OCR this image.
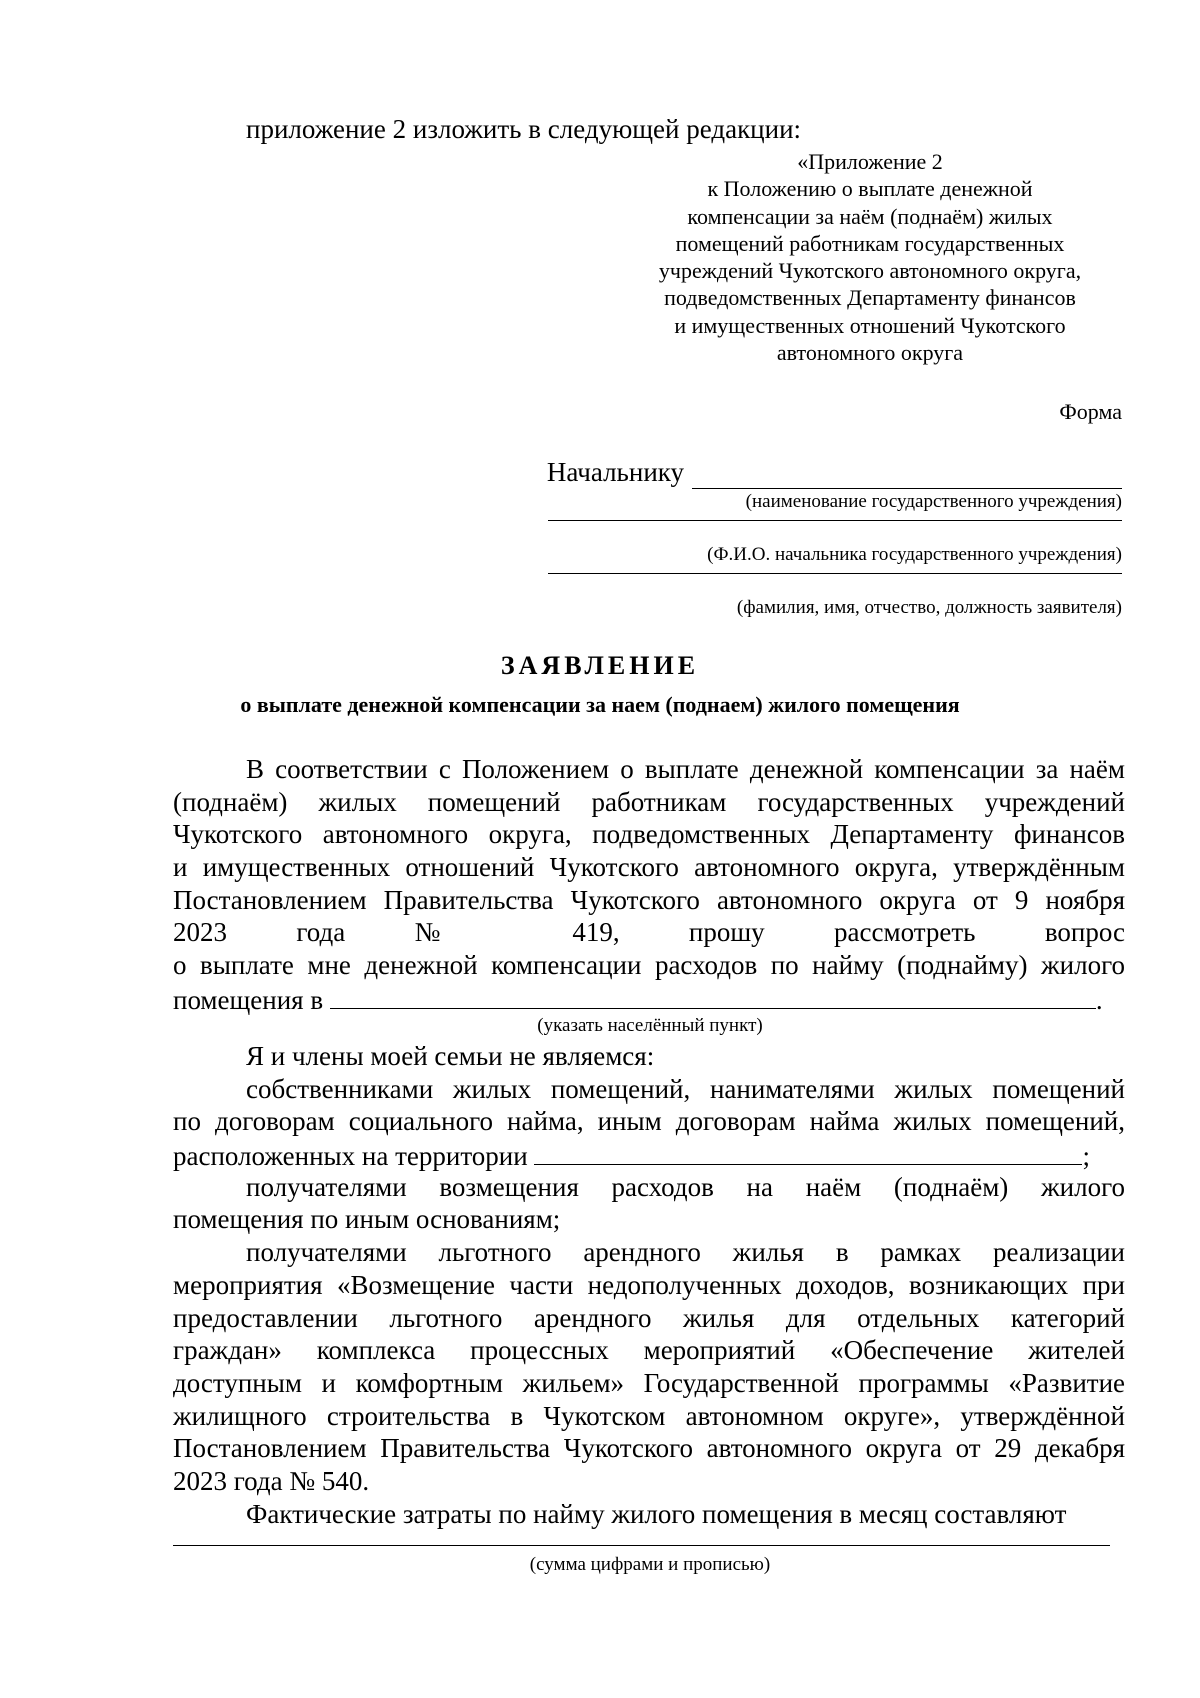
приложение 2 изложить в следующей редакции:
«Приложение 2
к Положению о выплате денежной
компенсации за наём (поднаём) жилых
помещений работникам государственных
учреждений Чукотского автономного округа,
подведомственных Департаменту финансов
и имущественных отношений Чукотского
автономного округа
Форма
Начальнику
(наименование государственного учреждения)
(Ф.И.О. начальника государственного учреждения)
(фамилия, имя, отчество, должность заявителя)
ЗАЯВЛЕНИЕ
о выплате денежной компенсации за наем (поднаем) жилого помещения
В соответствии с Положением о выплате денежной компенсации за наём
(поднаём) жилых помещений работникам государственных учреждений
Чукотского автономного округа, подведомственных Департаменту финансов
и имущественных отношений Чукотского автономного округа, утверждённым
Постановлением Правительства Чукотского автономного округа от 9 ноября
2023 года № 419, прошу рассмотреть вопрос
о выплате мне денежной компенсации расходов по найму (поднайму) жилого
помещения в	.
(указать населённый пункт)
Я и члены моей семьи не являемся:
собственниками жилых помещений, нанимателями жилых помещений
по договорам социального найма, иным договорам найма жилых помещений,
расположенных на территории	;
получателями возмещения расходов на наём (поднаём) жилого
помещения по иным основаниям;
получателями льготного арендного жилья в рамках реализации
мероприятия «Возмещение части недополученных доходов, возникающих при
предоставлении льготного арендного жилья для отдельных категорий
граждан» комплекса процессных мероприятий «Обеспечение жителей
доступным и комфортным жильем» Государственной программы «Развитие
жилищного строительства в Чукотском автономном округе», утверждённой
Постановлением Правительства Чукотского автономного округа от 29 декабря
2023 года № 540.
Фактические затраты по найму жилого помещения в месяц составляют
(сумма цифрами и прописью)
